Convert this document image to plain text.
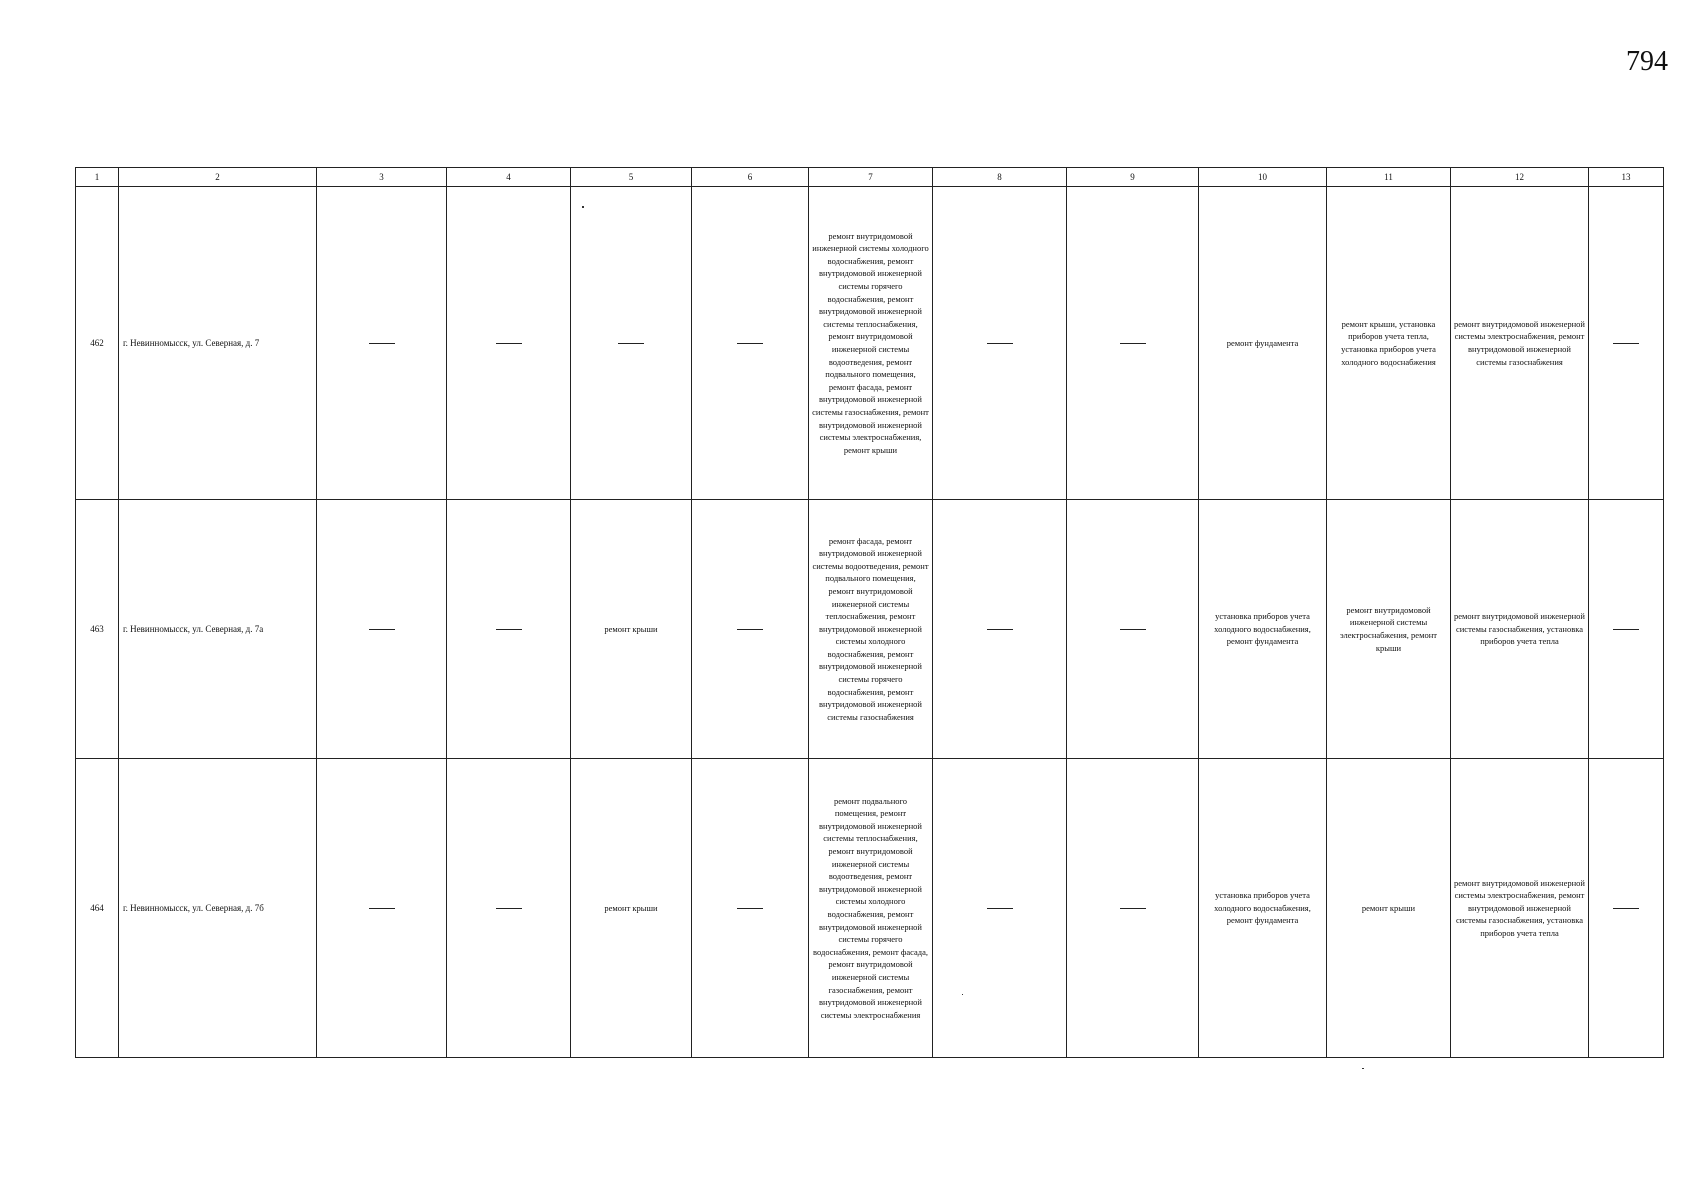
794
1	2	3	4	5	6	7	8	9	10	11	12	13
462	г. Невинномысск, ул. Северная, д. 7					ремонт внутридомовой инженерной системы холодного водоснабжения, ремонт внутридомовой инженерной системы горячего водоснабжения, ремонт внутридомовой инженерной системы теплоснабжения, ремонт внутридомовой инженерной системы водоотведения, ремонт подвального помещения, ремонт фасада, ремонт внутридомовой инженерной системы газоснабжения, ремонт внутридомовой инженерной системы электроснабжения, ремонт крыши			ремонт фундамента	ремонт крыши, установка приборов учета тепла, установка приборов учета холодного водоснабжения	ремонт внутридомовой инженерной системы электроснабжения, ремонт внутридомовой инженерной системы газоснабжения	
463	г. Невинномысск, ул. Северная, д. 7а			ремонт крыши		ремонт фасада, ремонт внутридомовой инженерной системы водоотведения, ремонт подвального помещения, ремонт внутридомовой инженерной системы теплоснабжения, ремонт внутридомовой инженерной системы холодного водоснабжения, ремонт внутридомовой инженерной системы горячего водоснабжения, ремонт внутридомовой инженерной системы газоснабжения			установка приборов учета холодного водоснабжения, ремонт фундамента	ремонт внутридомовой инженерной системы электроснабжения, ремонт крыши	ремонт внутридомовой инженерной системы газоснабжения, установка приборов учета тепла	
464	г. Невинномысск, ул. Северная, д. 7б			ремонт крыши		ремонт подвального помещения, ремонт внутридомовой инженерной системы теплоснабжения, ремонт внутридомовой инженерной системы водоотведения, ремонт внутридомовой инженерной системы холодного водоснабжения, ремонт внутридомовой инженерной системы горячего водоснабжения, ремонт фасада, ремонт внутридомовой инженерной системы газоснабжения, ремонт внутридомовой инженерной системы электроснабжения			установка приборов учета холодного водоснабжения, ремонт фундамента	ремонт крыши	ремонт внутридомовой инженерной системы электроснабжения, ремонт внутридомовой инженерной системы газоснабжения, установка приборов учета тепла	
